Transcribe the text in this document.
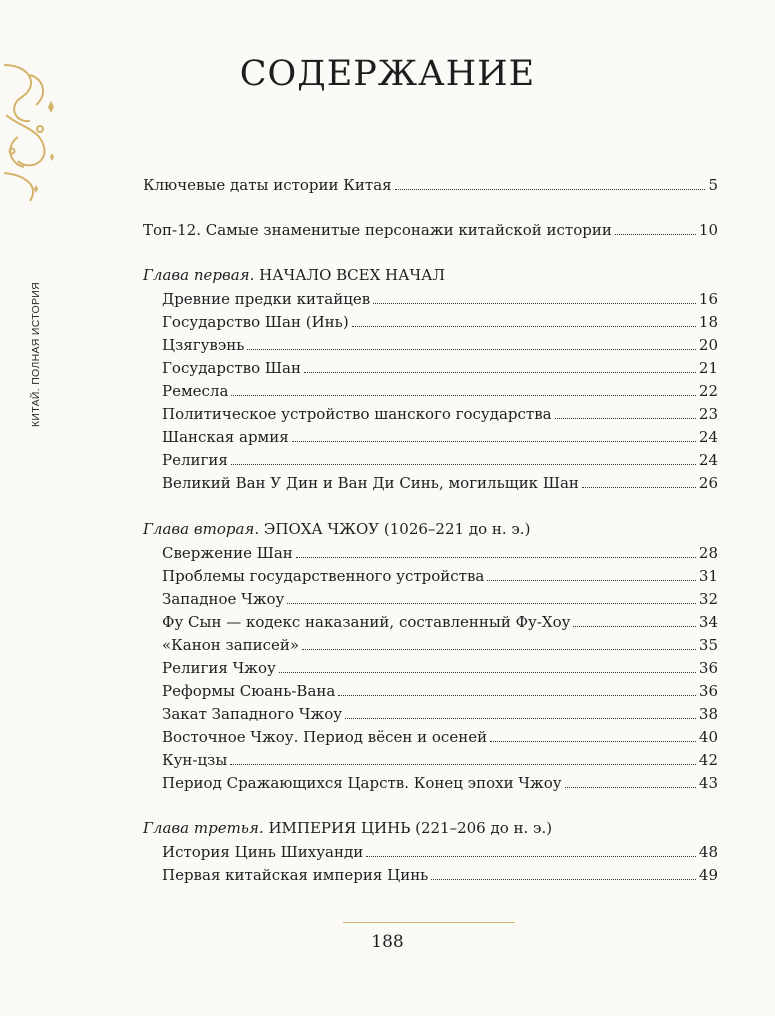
КИТАЙ. ПОЛНАЯ ИСТОРИЯ
СОДЕРЖАНИЕ
Ключевые даты истории Китая	5
Топ-12. Самые знаменитые персонажи китайской истории	10
Глава первая. НАЧАЛО ВСЕХ НАЧАЛ
Древние предки китайцев	16
Государство Шан (Инь)	18
Цзягувэнь	20
Государство Шан	21
Ремесла	22
Политическое устройство шанского государства	23
Шанская армия	24
Религия	24
Великий Ван У Дин и Ван Ди Синь, могильщик Шан	26
Глава вторая. ЭПОХА ЧЖОУ (1026–221 до н. э.)
Свержение Шан	28
Проблемы государственного устройства	31
Западное Чжоу	32
Фу Сын — кодекс наказаний, составленный Фу-Хоу	34
«Канон записей»	35
Религия Чжоу	36
Реформы Сюань-Вана	36
Закат Западного Чжоу	38
Восточное Чжоу. Период вёсен и осеней	40
Кун-цзы	42
Период Сражающихся Царств. Конец эпохи Чжоу	43
Глава третья. ИМПЕРИЯ ЦИНЬ (221–206 до н. э.)
История Цинь Шихуанди	48
Первая китайская империя Цинь	49
188
